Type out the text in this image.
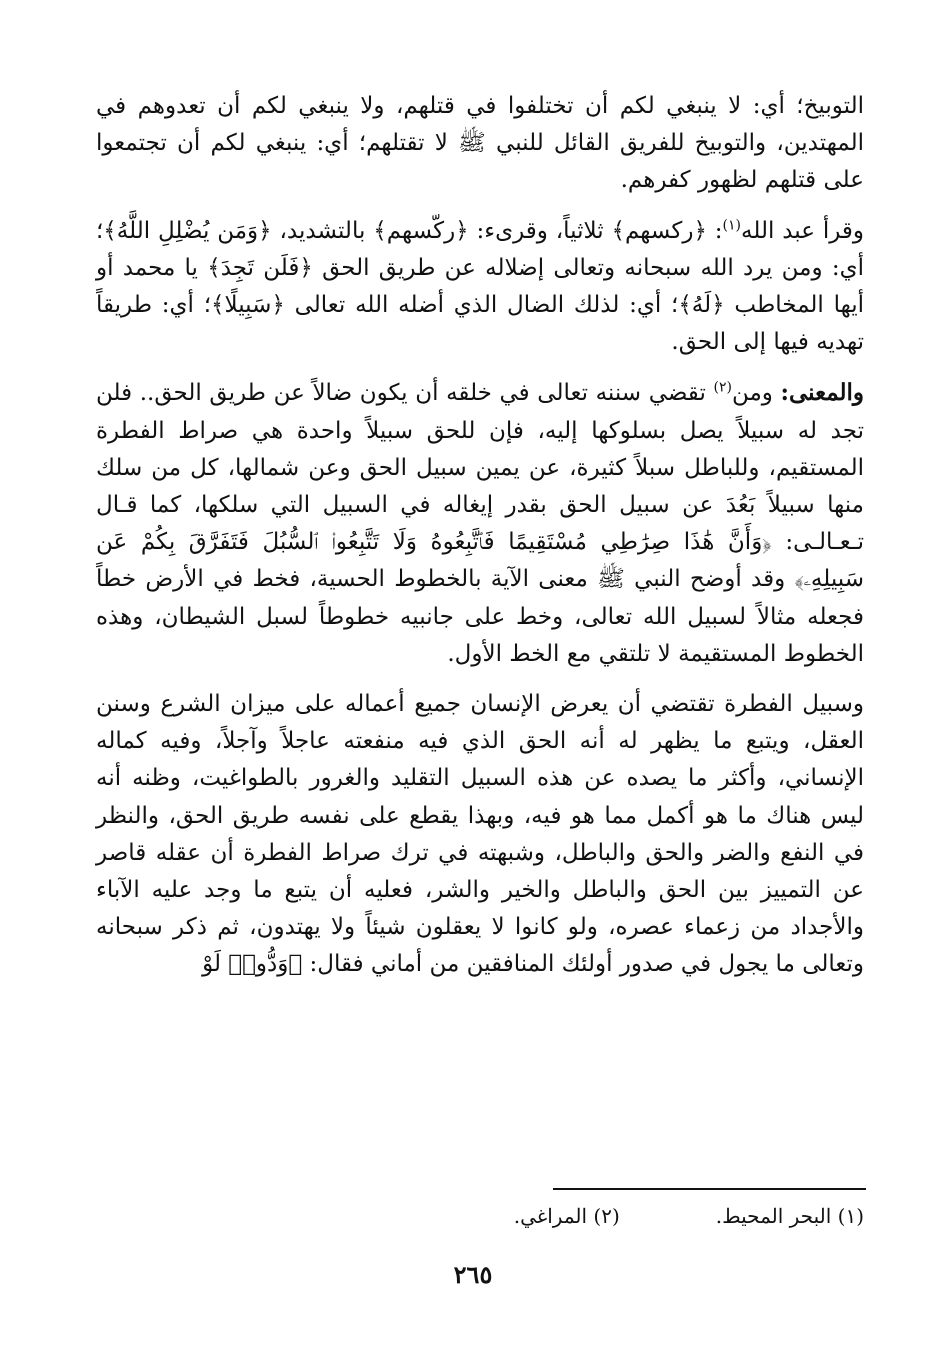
التوبيخ؛ أي: لا ينبغي لكم أن تختلفوا في قتلهم، ولا ينبغي لكم أن تعدوهم في المهتدين، والتوبيخ للفريق القائل للنبي ﷺ لا تقتلهم؛ أي: ينبغي لكم أن تجتمعوا على قتلهم لظهور كفرهم.

وقرأ عبد الله$^{(١)}$: ﴿ركسهم﴾ ثلاثياً، وقرىء: ﴿ركّسهم﴾ بالتشديد، ﴿وَمَن يُضْلِلِ اللَّهُ﴾؛ أي: ومن يرد الله سبحانه وتعالى إضلاله عن طريق الحق ﴿فَلَن تَجِدَ﴾ يا محمد أو أيها المخاطب ﴿لَهُ﴾؛ أي: لذلك الضال الذي أضله الله تعالى ﴿سَبِيلًا﴾؛ أي: طريقاً تهديه فيها إلى الحق.

والمعنى: ومن$^{(٢)}$ تقضي سننه تعالى في خلقه أن يكون ضالاً عن طريق الحق.. فلن تجد له سبيلاً يصل بسلوكها إليه، فإن للحق سبيلاً واحدة هي صراط الفطرة المستقيم، وللباطل سبلاً كثيرة، عن يمين سبيل الحق وعن شمالها، كل من سلك منها سبيلاً بَعُدَ عن سبيل الحق بقدر إيغاله في السبيل التي سلكها، كما قـال تـعـالـى: ﴿وَأَنَّ هَٰذَا صِرَٰطِي مُسْتَقِيمًا فَٱتَّبِعُوهُ وَلَا تَتَّبِعُوا۟ ٱلسُّبُلَ فَتَفَرَّقَ بِكُمْ عَن سَبِيلِهِۦ﴾ وقد أوضح النبي ﷺ معنى الآية بالخطوط الحسية، فخط في الأرض خطاً فجعله مثالاً لسبيل الله تعالى، وخط على جانبيه خطوطاً لسبل الشيطان، وهذه الخطوط المستقيمة لا تلتقي مع الخط الأول.

وسبيل الفطرة تقتضي أن يعرض الإنسان جميع أعماله على ميزان الشرع وسنن العقل، ويتبع ما يظهر له أنه الحق الذي فيه منفعته عاجلاً وآجلاً، وفيه كماله الإنساني، وأكثر ما يصده عن هذه السبيل التقليد والغرور بالطواغيت، وظنه أنه ليس هناك ما هو أكمل مما هو فيه، وبهذا يقطع على نفسه طريق الحق، والنظر في النفع والضر والحق والباطل، وشبهته في ترك صراط الفطرة أن عقله قاصر عن التمييز بين الحق والباطل والخير والشر، فعليه أن يتبع ما وجد عليه الآباء والأجداد من زعماء عصره، ولو كانوا لا يعقلون شيئاً ولا يهتدون، ثم ذكر سبحانه وتعالى ما يجول في صدور أولئك المنافقين من أماني فقال: ﴿وَدُّوا۟ لَوْ

(١) البحر المحيط.
(٢) المراغي.
٢٦٥
